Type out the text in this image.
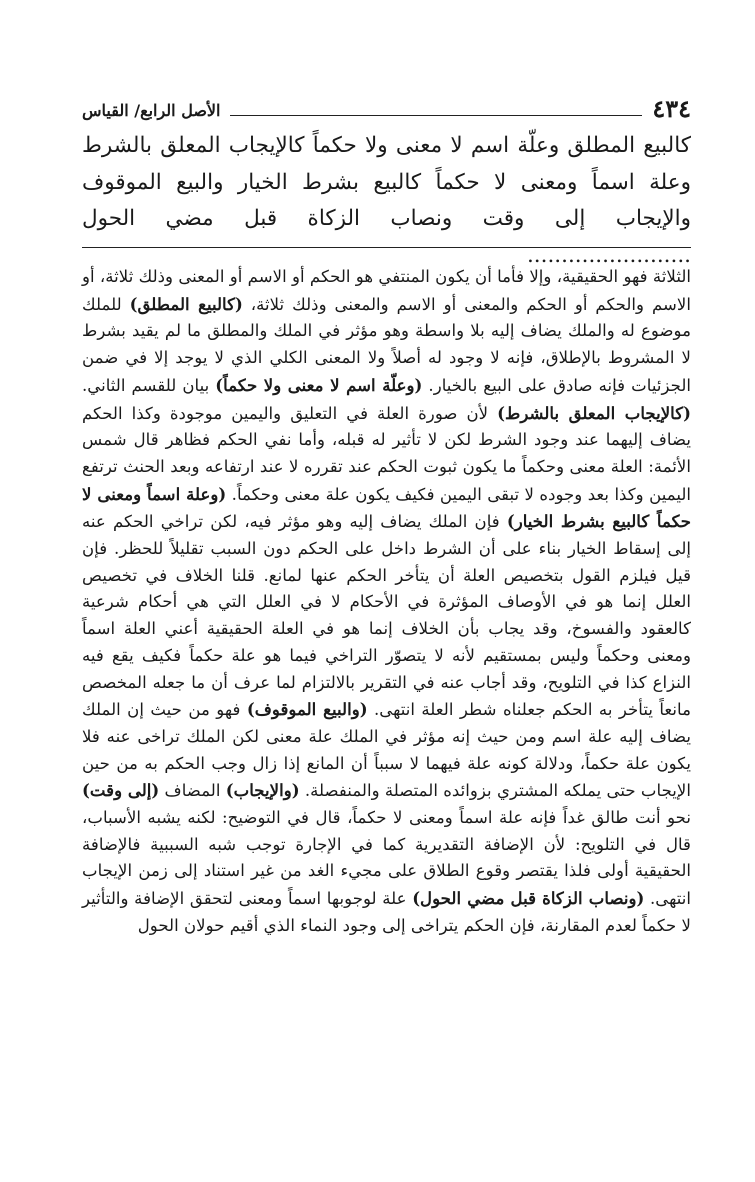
٤٣٤
الأصل الرابع/ القياس

كالبيع المطلق وعلّة اسم لا معنى ولا حكماً كالإيجاب المعلق بالشرط وعلة اسماً ومعنى لا حكماً كالبيع بشرط الخيار والبيع الموقوف والإيجاب إلى وقت ونصاب الزكاة قبل مضي الحول ........................

الثلاثة فهو الحقيقية، وإلا فأما أن يكون المنتفي هو الحكم أو الاسم أو المعنى وذلك ثلاثة، أو الاسم والحكم أو الحكم والمعنى أو الاسم والمعنى وذلك ثلاثة، (كالبيع المطلق) للملك موضوع له والملك يضاف إليه بلا واسطة وهو مؤثر في الملك والمطلق ما لم يقيد بشرط لا المشروط بالإطلاق، فإنه لا وجود له أصلاً ولا المعنى الكلي الذي لا يوجد إلا في ضمن الجزئيات فإنه صادق على البيع بالخيار. (وعلّة اسم لا معنى ولا حكماً) بيان للقسم الثاني. (كالإيجاب المعلق بالشرط) لأن صورة العلة في التعليق واليمين موجودة وكذا الحكم يضاف إليهما عند وجود الشرط لكن لا تأثير له قبله، وأما نفي الحكم فظاهر قال شمس الأئمة: العلة معنى وحكماً ما يكون ثبوت الحكم عند تقرره لا عند ارتفاعه وبعد الحنث ترتفع اليمين وكذا بعد وجوده لا تبقى اليمين فكيف يكون علة معنى وحكماً. (وعلة اسماً ومعنى لا حكماً كالبيع بشرط الخيار) فإن الملك يضاف إليه وهو مؤثر فيه، لكن تراخي الحكم عنه إلى إسقاط الخيار بناء على أن الشرط داخل على الحكم دون السبب تقليلاً للحظر. فإن قيل فيلزم القول بتخصيص العلة أن يتأخر الحكم عنها لمانع. قلنا الخلاف في تخصيص العلل إنما هو في الأوصاف المؤثرة في الأحكام لا في العلل التي هي أحكام شرعية كالعقود والفسوخ، وقد يجاب بأن الخلاف إنما هو في العلة الحقيقية أعني العلة اسماً ومعنى وحكماً وليس بمستقيم لأنه لا يتصوّر التراخي فيما هو علة حكماً فكيف يقع فيه النزاع كذا في التلويح، وقد أجاب عنه في التقرير بالالتزام لما عرف أن ما جعله المخصص مانعاً يتأخر به الحكم جعلناه شطر العلة انتهى. (والبيع الموقوف) فهو من حيث إن الملك يضاف إليه علة اسم ومن حيث إنه مؤثر في الملك علة معنى لكن الملك تراخى عنه فلا يكون علة حكماً، ودلالة كونه علة فيهما لا سبباً أن المانع إذا زال وجب الحكم به من حين الإيجاب حتى يملكه المشتري بزوائده المتصلة والمنفصلة. (والإيجاب) المضاف (إلى وقت) نحو أنت طالق غداً فإنه علة اسماً ومعنى لا حكماً، قال في التوضيح: لكنه يشبه الأسباب، قال في التلويح: لأن الإضافة التقديرية كما في الإجارة توجب شبه السببية فالإضافة الحقيقية أولى فلذا يقتصر وقوع الطلاق على مجيء الغد من غير استناد إلى زمن الإيجاب انتهى. (ونصاب الزكاة قبل مضي الحول) علة لوجوبها اسماً ومعنى لتحقق الإضافة والتأثير لا حكماً لعدم المقارنة، فإن الحكم يتراخى إلى وجود النماء الذي أقيم حولان الحول
